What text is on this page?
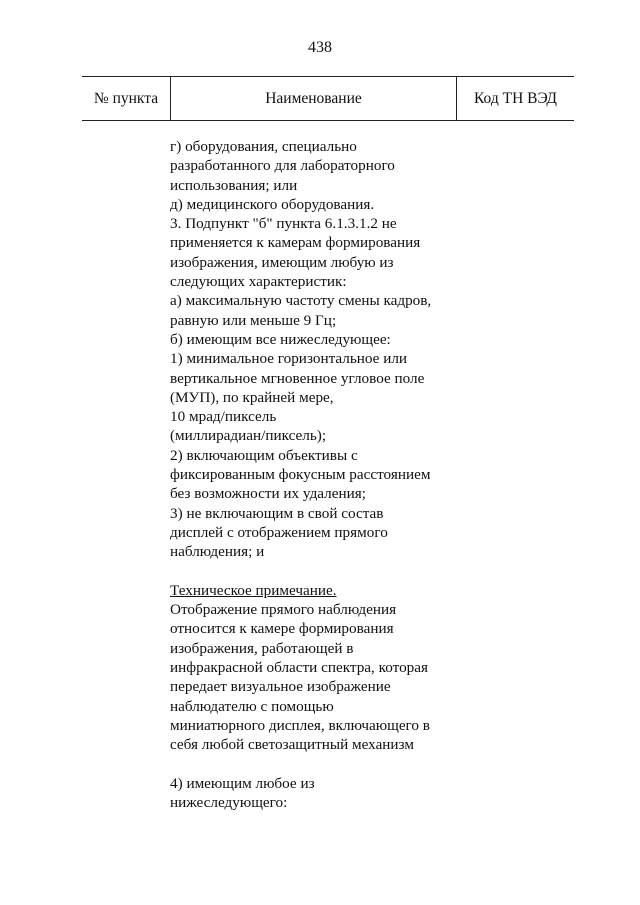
438
№ пункта	Наименование	Код ТН ВЭД
г) оборудования, специально
разработанного для лабораторного
использования; или
д) медицинского оборудования.
3. Подпункт "б" пункта 6.1.3.1.2 не
применяется к камерам формирования
изображения, имеющим любую из
следующих характеристик:
а) максимальную частоту смены кадров,
равную или меньше 9 Гц;
б) имеющим все нижеследующее:
1) минимальное горизонтальное или
вертикальное мгновенное угловое поле
(МУП), по крайней мере,
10 мрад/пиксель
(миллирадиан/пиксель);
2) включающим объективы с
фиксированным фокусным расстоянием
без возможности их удаления;
3) не включающим в свой состав
дисплей с отображением прямого
наблюдения; и
Техническое примечание.
Отображение прямого наблюдения
относится к камере формирования
изображения, работающей в
инфракрасной области спектра, которая
передает визуальное изображение
наблюдателю с помощью
миниатюрного дисплея, включающего в
себя любой светозащитный механизм
4) имеющим любое из
нижеследующего:
